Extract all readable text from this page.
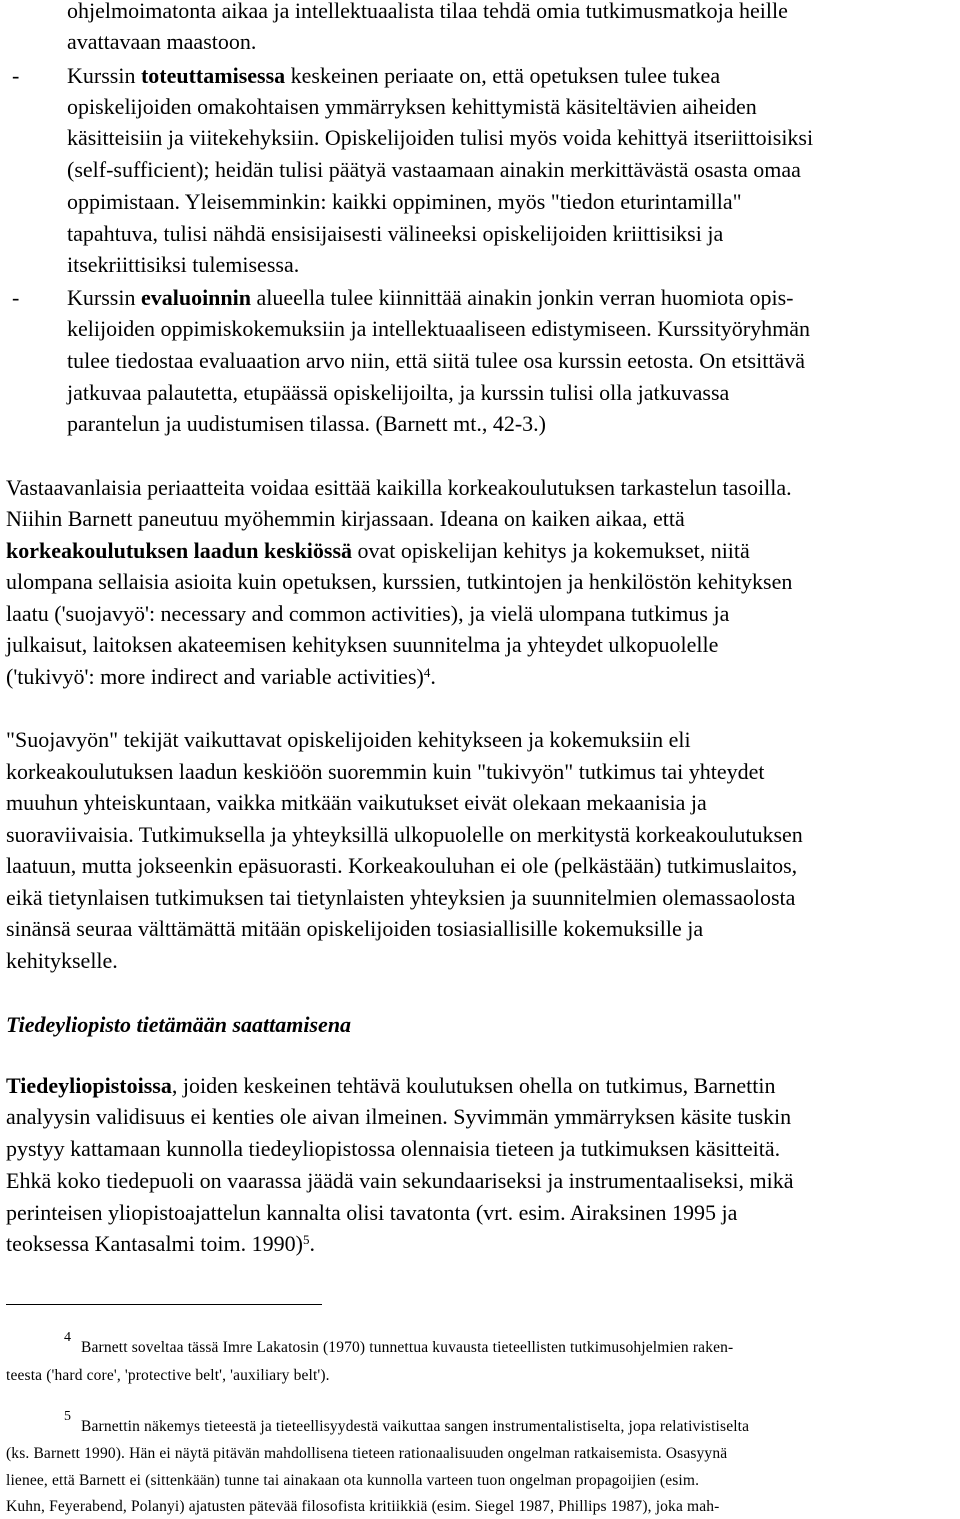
ohjelmoimatonta aikaa ja intellektuaalista tilaa tehdä omia tutkimusmatkoja heille
avattavaan maastoon.
- Kurssin toteuttamisessa keskeinen periaate on, että opetuksen tulee tukea
opiskelijoiden omakohtaisen ymmärryksen kehittymistä käsiteltävien aiheiden
käsitteisiin ja viitekehyksiin. Opiskelijoiden tulisi myös voida kehittyä itseriittoisiksi
(self-sufficient); heidän tulisi päätyä vastaamaan ainakin merkittävästä osasta omaa
oppimistaan. Yleisemminkin: kaikki oppiminen, myös "tiedon eturintamilla"
tapahtuva, tulisi nähdä ensisijaisesti välineeksi opiskelijoiden kriittisiksi ja
itsekriittisiksi tulemisessa.
- Kurssin evaluoinnin alueella tulee kiinnittää ainakin jonkin verran huomiota opis-
kelijoiden oppimiskokemuksiin ja intellektuaaliseen edistymiseen. Kurssityöryhmän
tulee tiedostaa evaluaation arvo niin, että siitä tulee osa kurssin eetosta. On etsittävä
jatkuvaa palautetta, etupäässä opiskelijoilta, ja kurssin tulisi olla jatkuvassa
parantelun ja uudistumisen tilassa. (Barnett mt., 42-3.)
Vastaavanlaisia periaatteita voidaa esittää kaikilla korkeakoulutuksen tarkastelun tasoilla.
Niihin Barnett paneutuu myöhemmin kirjassaan. Ideana on kaiken aikaa, että
korkeakoulutuksen laadun keskiössä ovat opiskelijan kehitys ja kokemukset, niitä
ulompana sellaisia asioita kuin opetuksen, kurssien, tutkintojen ja henkilöstön kehityksen
laatu ('suojavyö': necessary and common activities), ja vielä ulompana tutkimus ja
julkaisut, laitoksen akateemisen kehityksen suunnitelma ja yhteydet ulkopuolelle
('tukivyö': more indirect and variable activities)$^4$.
"Suojavyön" tekijät vaikuttavat opiskelijoiden kehitykseen ja kokemuksiin eli
korkeakoulutuksen laadun keskiöön suoremmin kuin "tukivyön" tutkimus tai yhteydet
muuhun yhteiskuntaan, vaikka mitkään vaikutukset eivät olekaan mekaanisia ja
suoraviivaisia. Tutkimuksella ja yhteyksillä ulkopuolelle on merkitystä korkeakoulutuksen
laatuun, mutta jokseenkin epäsuorasti. Korkeakouluhan ei ole (pelkästään) tutkimuslaitos,
eikä tietynlaisen tutkimuksen tai tietynlaisten yhteyksien ja suunnitelmien olemassaolosta
sinänsä seuraa välttämättä mitään opiskelijoiden tosiasiallisille kokemuksille ja
kehitykselle.
Tiedeyliopisto tietämään saattamisena
Tiedeyliopistoissa, joiden keskeinen tehtävä koulutuksen ohella on tutkimus, Barnettin
analyysin validisuus ei kenties ole aivan ilmeinen. Syvimmän ymmärryksen käsite tuskin
pystyy kattamaan kunnolla tiedeyliopistossa olennaisia tieteen ja tutkimuksen käsitteitä.
Ehkä koko tiedepuoli on vaarassa jäädä vain sekundaariseksi ja instrumentaaliseksi, mikä
perinteisen yliopistoajattelun kannalta olisi tavatonta (vrt. esim. Airaksinen 1995 ja
teoksessa Kantasalmi toim. 1990)$^5$.
4
Barnett soveltaa tässä Imre Lakatosin (1970) tunnettua kuvausta tieteellisten tutkimusohjelmien raken-
teesta ('hard core', 'protective belt', 'auxiliary belt').
5
Barnettin näkemys tieteestä ja tieteellisyydestä vaikuttaa sangen instrumentalistiselta, jopa relativistiselta
(ks. Barnett 1990). Hän ei näytä pitävän mahdollisena tieteen rationaalisuuden ongelman ratkaisemista. Osasyynä
lienee, että Barnett ei (sittenkään) tunne tai ainakaan ota kunnolla varteen tuon ongelman propagoijien (esim.
Kuhn, Feyerabend, Polanyi) ajatusten pätevää filosofista kritiikkiä (esim. Siegel 1987, Phillips 1987), joka mah-
